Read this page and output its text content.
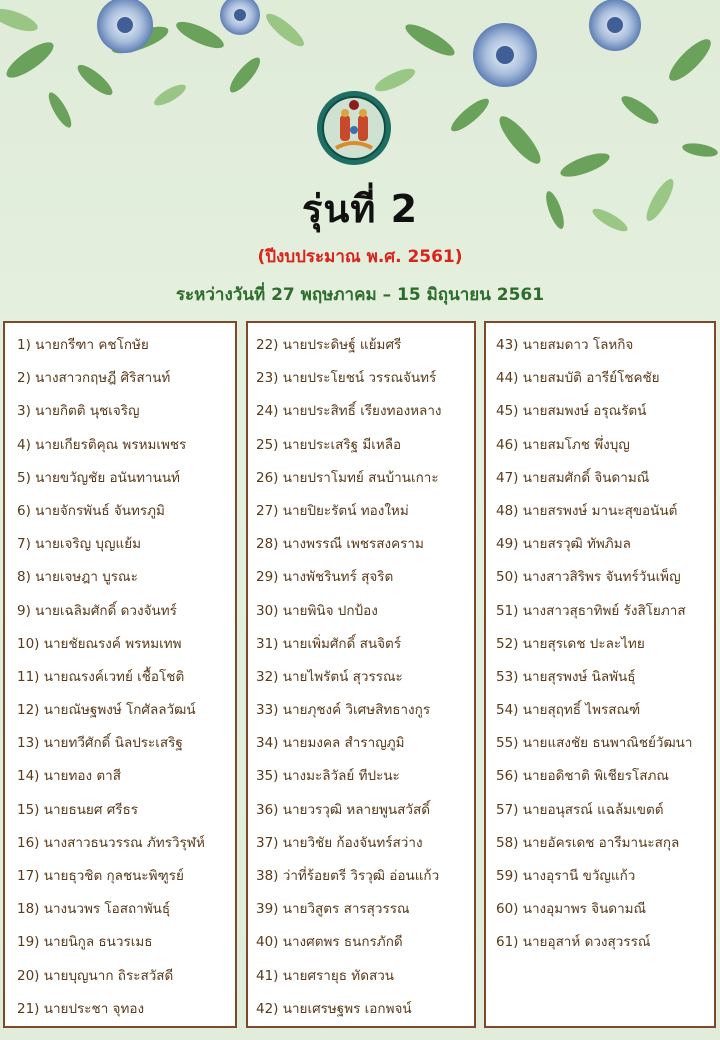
รุ่นที่ 2
(ปีงบประมาณ พ.ศ. 2561)
ระหว่างวันที่ 27 พฤษภาคม – 15 มิถุนายน 2561
1) นายกรีฑา คชโกษัย
2) นางสาวกฤษฎี ศิริสานท์
3) นายกิตติ นุชเจริญ
4) นายเกียรติคุณ พรหมเพชร
5) นายขวัญชัย อนันทานนท์
6) นายจักรพันธ์ จันทรภูมิ
7) นายเจริญ บุญแย้ม
8) นายเจษฎา บูรณะ
9) นายเฉลิมศักดิ์ ดวงจันทร์
10) นายชัยณรงค์ พรหมเทพ
11) นายณรงค์เวทย์ เชื้อโชติ
12) นายณัษฐพงษ์ โกศัลลวัฒน์
13) นายทวีศักดิ์ นิลประเสริฐ
14) นายทอง ตาสี
15) นายธนยศ ศรีธร
16) นางสาวธนวรรณ ภัทรวิรุฬห์
17) นายธุวชิต กุลชนะพิฑูรย์
18) นางนวพร โอสถาพันธุ์
19) นายนิกูล ธนวรเมธ
20) นายบุญนาก ถิระสวัสดี
21) นายประชา จุทอง
22) นายประดิษฐ์ แย้มศรี
23) นายประโยชน์ วรรณจันทร์
24) นายประสิทธิ์ เรียงทองหลาง
25) นายประเสริฐ มีเหลือ
26) นายปราโมทย์ สนบ้านเกาะ
27) นายปิยะรัตน์ ทองใหม่
28) นางพรรณี เพชรสงคราม
29) นางพัชรินทร์ สุจริต
30) นายพินิจ ปกป้อง
31) นายเพิ่มศักดิ์ สนจิตร์
32) นายไพรัตน์ สุวรรณะ
33) นายภุชงค์ วิเศษสิทธางกูร
34) นายมงคล สำราญภูมิ
35) นางมะลิวัลย์ ทีปะนะ
36) นายวรวุฒิ หลายพูนสวัสดิ์
37) นายวิชัย ก้องจันทร์สว่าง
38) ว่าที่ร้อยตรี วิรวุฒิ อ่อนแก้ว
39) นายวิสูตร สารสุวรรณ
40) นางศตพร ธนกรภักดี
41) นายศรายุธ ทัดสวน
42) นายเศรษฐพร เอกพจน์
43) นายสมดาว โลหกิจ
44) นายสมบัติ อารีย์โชคชัย
45) นายสมพงษ์ อรุณรัตน์
46) นายสมโภช พึ่งบุญ
47) นายสมศักดิ์ จินดามณี
48) นายสรพงษ์ มานะสุขอนันต์
49) นายสรวุฒิ ทัพภิมล
50) นางสาวสิริพร จันทร์วันเพ็ญ
51) นางสาวสุธาทิพย์ รังสิโยภาส
52) นายสุรเดช ปะละไทย
53) นายสุรพงษ์ นิลพันธุ์
54) นายสุฤทธิ์ ไพรสณฑ์
55) นายแสงชัย ธนพาณิชย์วัฒนา
56) นายอดิชาติ พิเชียรโสภณ
57) นายอนุสรณ์ แฉล้มเขตต์
58) นายอัครเดช อารีมานะสกุล
59) นางอุรานี ขวัญแก้ว
60) นางอุมาพร จินดามณี
61) นายอุสาห์ ดวงสุวรรณ์
